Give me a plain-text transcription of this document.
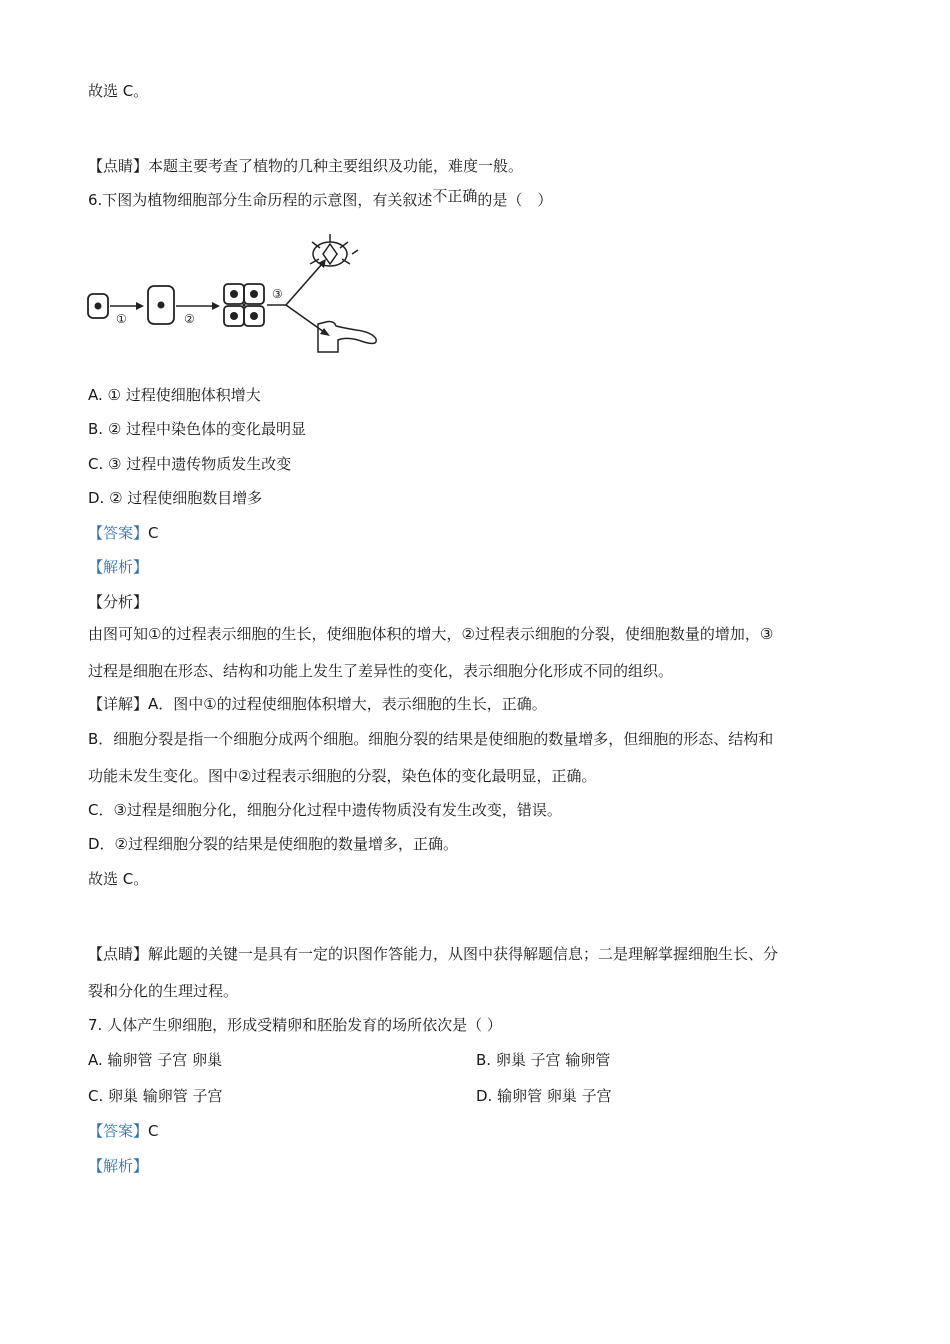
故选 C。
【点睛】本题主要考查了植物的几种主要组织及功能，难度一般。
6.下图为植物细胞部分生命历程的示意图，有关叙述不正确的是（　）
①	②
③
A. ① 过程使细胞体积增大
B. ② 过程中染色体的变化最明显
C. ③ 过程中遗传物质发生改变
D. ② 过程使细胞数目增多
【答案】C
【解析】
【分析】
由图可知①的过程表示细胞的生长，使细胞体积的增大，②过程表示细胞的分裂，使细胞数量的增加，③
过程是细胞在形态、结构和功能上发生了差异性的变化，表示细胞分化形成不同的组织。
【详解】A．图中①的过程使细胞体积增大，表示细胞的生长，正确。
B．细胞分裂是指一个细胞分成两个细胞。细胞分裂的结果是使细胞的数量增多，但细胞的形态、结构和
功能未发生变化。图中②过程表示细胞的分裂，染色体的变化最明显，正确。
C．③过程是细胞分化，细胞分化过程中遗传物质没有发生改变，错误。
D．②过程细胞分裂的结果是使细胞的数量增多，正确。
故选 C。
【点睛】解此题的关键一是具有一定的识图作答能力，从图中获得解题信息；二是理解掌握细胞生长、分
裂和分化的生理过程。
7. 人体产生卵细胞，形成受精卵和胚胎发育的场所依次是（ ）
A. 输卵管 子宫 卵巢	B. 卵巢 子宫 输卵管
C. 卵巢 输卵管 子宫	D. 输卵管 卵巢 子宫
【答案】C
【解析】
